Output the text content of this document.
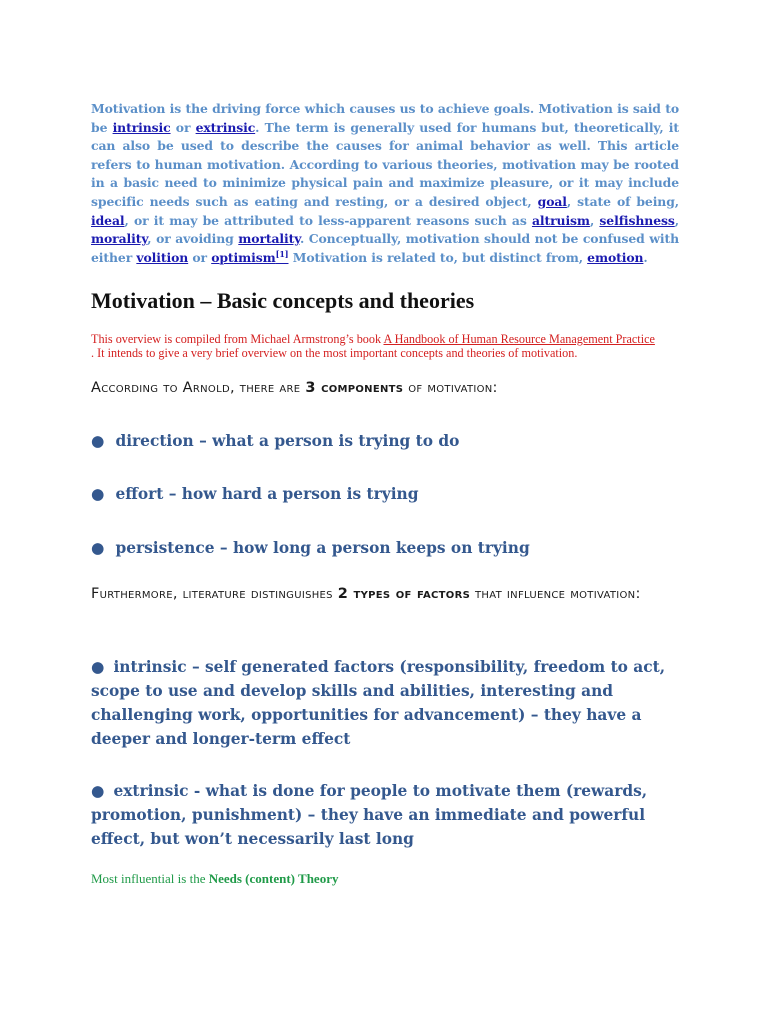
Motivation is the driving force which causes us to achieve goals. Motivation is said to be intrinsic or extrinsic. The term is generally used for humans but, theoretically, it can also be used to describe the causes for animal behavior as well. This article refers to human motivation. According to various theories, motivation may be rooted in a basic need to minimize physical pain and maximize pleasure, or it may include specific needs such as eating and resting, or a desired object, goal, state of being, ideal, or it may be attributed to less-apparent reasons such as altruism, selfishness, morality, or avoiding mortality. Conceptually, motivation should not be confused with either volition or optimism[1] Motivation is related to, but distinct from, emotion.

Motivation – Basic concepts and theories

This overview is compiled from Michael Armstrong’s book A Handbook of Human Resource Management Practice
. It intends to give a very brief overview on the most important concepts and theories of motivation.

According to Arnold, there are 3 components of motivation:

● direction – what a person is trying to do
● effort – how hard a person is trying
● persistence – how long a person keeps on trying

Furthermore, literature distinguishes 2 types of factors that influence motivation:

● intrinsic – self generated factors (responsibility, freedom to act, scope to use and develop skills and abilities, interesting and challenging work, opportunities for advancement) – they have a deeper and longer-term effect

● extrinsic - what is done for people to motivate them (rewards, promotion, punishment) – they have an immediate and powerful effect, but won’t necessarily last long

Most influential is the Needs (content) Theory
